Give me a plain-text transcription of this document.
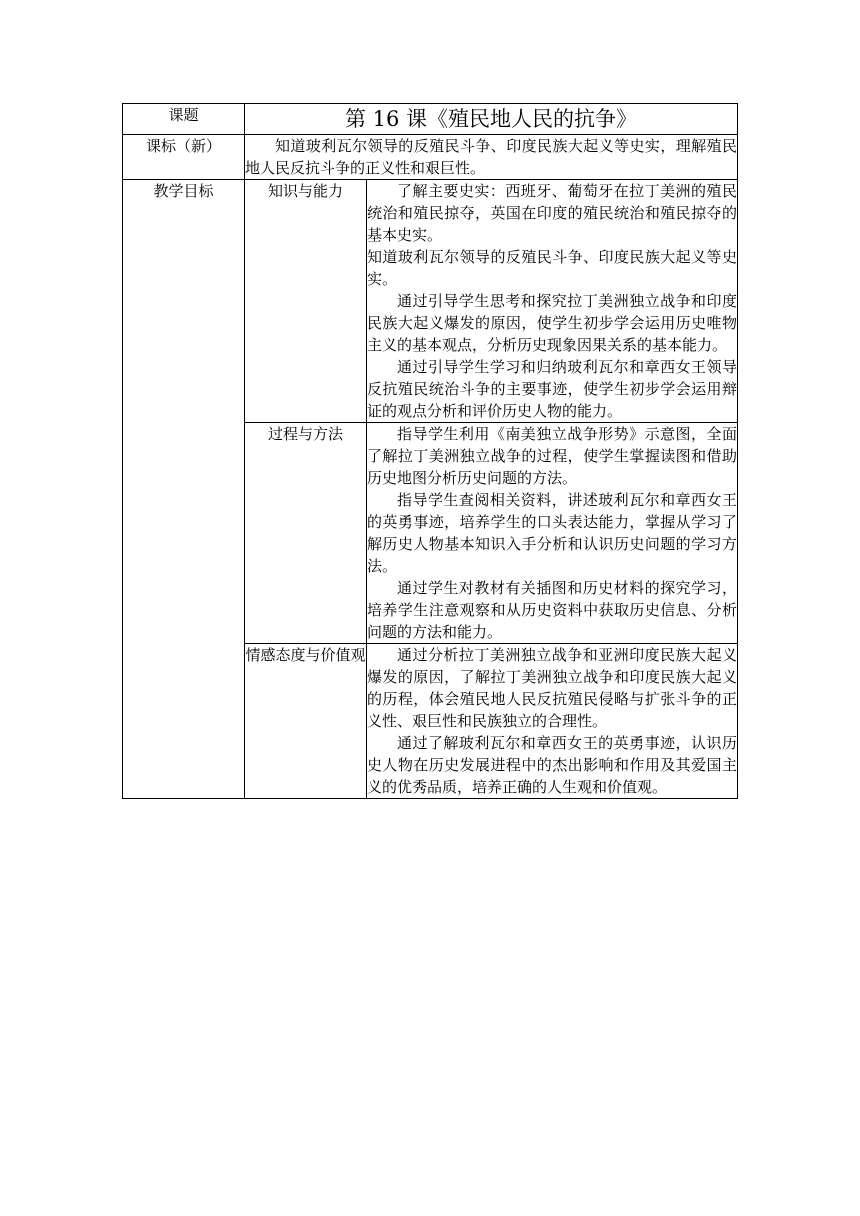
课题	第 16 课《殖民地人民的抗争》	
课标（新）	知道玻利瓦尔领导的反殖民斗争、印度民族大起义等史实，理解殖民地人民反抗斗争的正义性和艰巨性。	

教学目标	知识与能力	了解主要史实：西班牙、葡萄牙在拉丁美洲的殖民统治和殖民掠夺，英国在印度的殖民统治和殖民掠夺的基本史实。

知道玻利瓦尔领导的反殖民斗争、印度民族大起义等史实。

通过引导学生思考和探究拉丁美洲独立战争和印度民族大起义爆发的原因，使学生初步学会运用历史唯物主义的基本观点，分析历史现象因果关系的基本能力。

通过引导学生学习和归纳玻利瓦尔和章西女王领导反抗殖民统治斗争的主要事迹，使学生初步学会运用辩证的观点分析和评价历史人物的能力。

	过程与方法	指导学生利用《南美独立战争形势》示意图，全面了解拉丁美洲独立战争的过程，使学生掌握读图和借助历史地图分析历史问题的方法。

指导学生查阅相关资料，讲述玻利瓦尔和章西女王的英勇事迹，培养学生的口头表达能力，掌握从学习了解历史人物基本知识入手分析和认识历史问题的学习方法。

通过学生对教材有关插图和历史材料的探究学习，培养学生注意观察和从历史资料中获取历史信息、分析问题的方法和能力。

	情感态度与价值观	通过分析拉丁美洲独立战争和亚洲印度民族大起义爆发的原因，了解拉丁美洲独立战争和印度民族大起义的历程，体会殖民地人民反抗殖民侵略与扩张斗争的正义性、艰巨性和民族独立的合理性。

通过了解玻利瓦尔和章西女王的英勇事迹，认识历史人物在历史发展进程中的杰出影响和作用及其爱国主义的优秀品质，培养正确的人生观和价值观。
